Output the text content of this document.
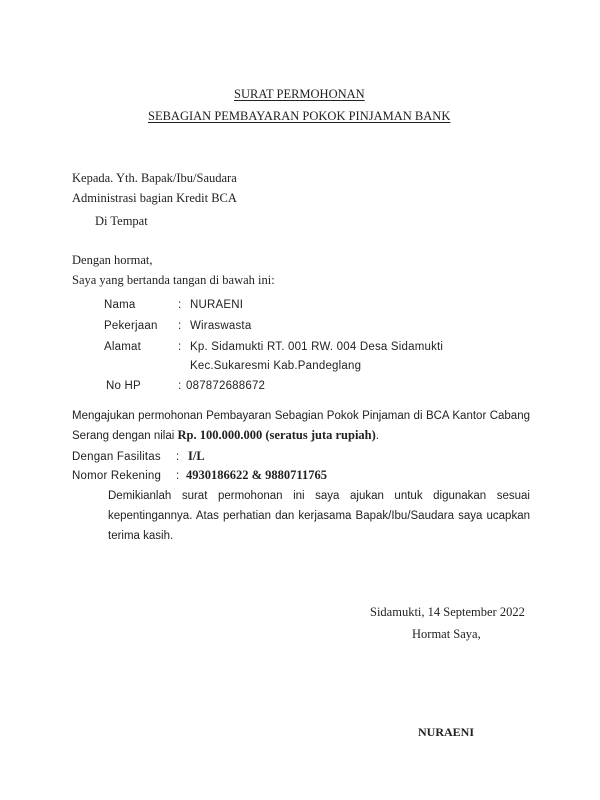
SURAT PERMOHONAN
SEBAGIAN PEMBAYARAN POKOK PINJAMAN BANK
Kepada. Yth. Bapak/Ibu/Saudara
Administrasi bagian Kredit BCA
Di Tempat
Dengan hormat,
Saya yang bertanda tangan di bawah ini:
Nama	: NURAENI
Pekerjaan : Wiraswasta
Alamat	: Kp. Sidamukti RT. 001 RW. 004 Desa Sidamukti
Kec.Sukaresmi Kab.Pandeglang
No HP	: 087872688672
Mengajukan permohonan Pembayaran Sebagian Pokok Pinjaman di BCA Kantor Cabang Serang dengan nilai Rp. 100.000.000 (seratus juta rupiah).
Dengan Fasilitas : I/L
Nomor Rekening : 4930186622 & 9880711765
Demikianlah surat permohonan ini saya ajukan untuk digunakan sesuai kepentingannya. Atas perhatian dan kerjasama Bapak/Ibu/Saudara saya ucapkan terima kasih.
Sidamukti, 14 September 2022
Hormat Saya,
NURAENI
